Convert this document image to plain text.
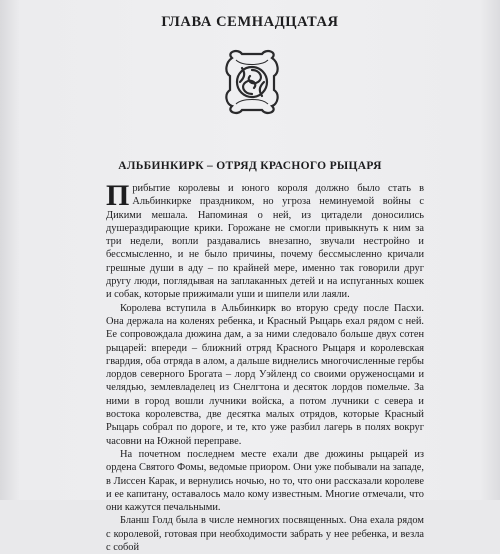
ГЛАВА СЕМНАДЦАТАЯ
АЛЬБИНКИРК – ОТРЯД КРАСНОГО РЫЦАРЯ

Прибытие королевы и юного короля должно было стать в Альбинкирке праздником, но угроза неминуемой войны с Дикими мешала. Напоминая о ней, из цитадели доносились душераздирающие крики. Горожане не смогли привыкнуть к ним за три недели, вопли раздавались внезапно, звучали нестройно и бессмысленно, и не было причины, почему бессмысленно кричали грешные души в аду – по крайней мере, именно так говорили друг другу люди, поглядывая на заплаканных детей и на испуганных кошек и собак, которые прижимали уши и шипели или лаяли.

Королева вступила в Альбинкирк во вторую среду после Пасхи. Она держала на коленях ребенка, и Красный Рыцарь ехал рядом с ней. Ее сопровождала дюжина дам, а за ними следовало больше двух сотен рыцарей: впереди – ближний отряд Красного Рыцаря и королевская гвардия, оба отряда в алом, а дальше виднелись многочисленные гербы лордов северного Брогата – лорд Уэйленд со своими оруженосцами и челядью, землевладелец из Снелгтона и десяток лордов помельче. За ними в город вошли лучники войска, а потом лучники с севера и востока королевства, две десятка малых отрядов, которые Красный Рыцарь собрал по дороге, и те, кто уже разбил лагерь в полях вокруг часовни на Южной переправе.

На почетном последнем месте ехали две дюжины рыцарей из ордена Святого Фомы, ведомые приором. Они уже побывали на западе, в Лиссен Карак, и вернулись ночью, но то, что они рассказали королеве и ее капитану, оставалось мало кому известным. Многие отмечали, что они кажутся печальными.

Бланш Голд была в числе немногих посвященных. Она ехала рядом с королевой, готовая при необходимости забрать у нее ребенка, и везла с собой
